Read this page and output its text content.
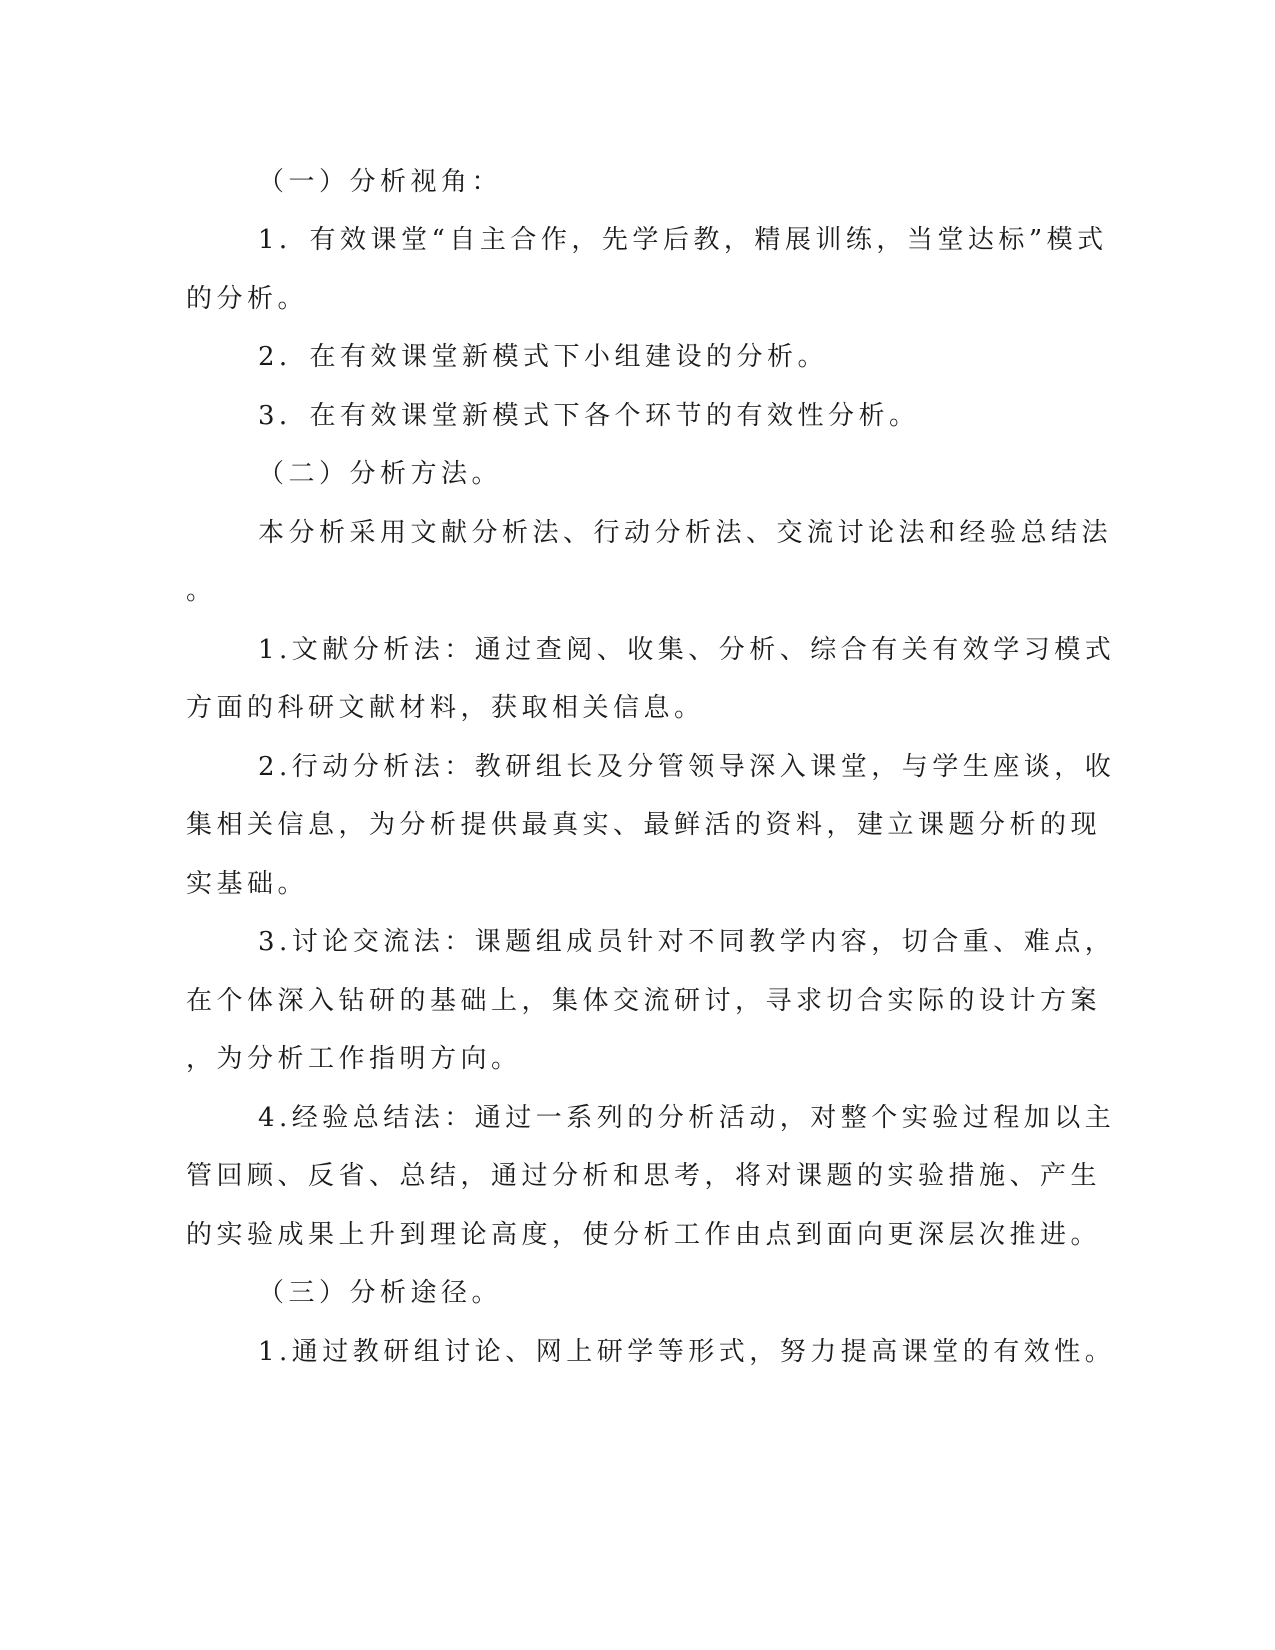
（一）分析视角：
1．有效课堂“自主合作，先学后教，精展训练，当堂达标”模式
的分析。
2．在有效课堂新模式下小组建设的分析。
3．在有效课堂新模式下各个环节的有效性分析。
（二）分析方法。
本分析采用文献分析法、行动分析法、交流讨论法和经验总结法
。
1.文献分析法：通过查阅、收集、分析、综合有关有效学习模式
方面的科研文献材料，获取相关信息。
2.行动分析法：教研组长及分管领导深入课堂，与学生座谈，收
集相关信息，为分析提供最真实、最鲜活的资料，建立课题分析的现
实基础。
3.讨论交流法：课题组成员针对不同教学内容，切合重、难点，
在个体深入钻研的基础上，集体交流研讨，寻求切合实际的设计方案
，为分析工作指明方向。
4.经验总结法：通过一系列的分析活动，对整个实验过程加以主
管回顾、反省、总结，通过分析和思考，将对课题的实验措施、产生
的实验成果上升到理论高度，使分析工作由点到面向更深层次推进。
（三）分析途径。
1.通过教研组讨论、网上研学等形式，努力提高课堂的有效性。
